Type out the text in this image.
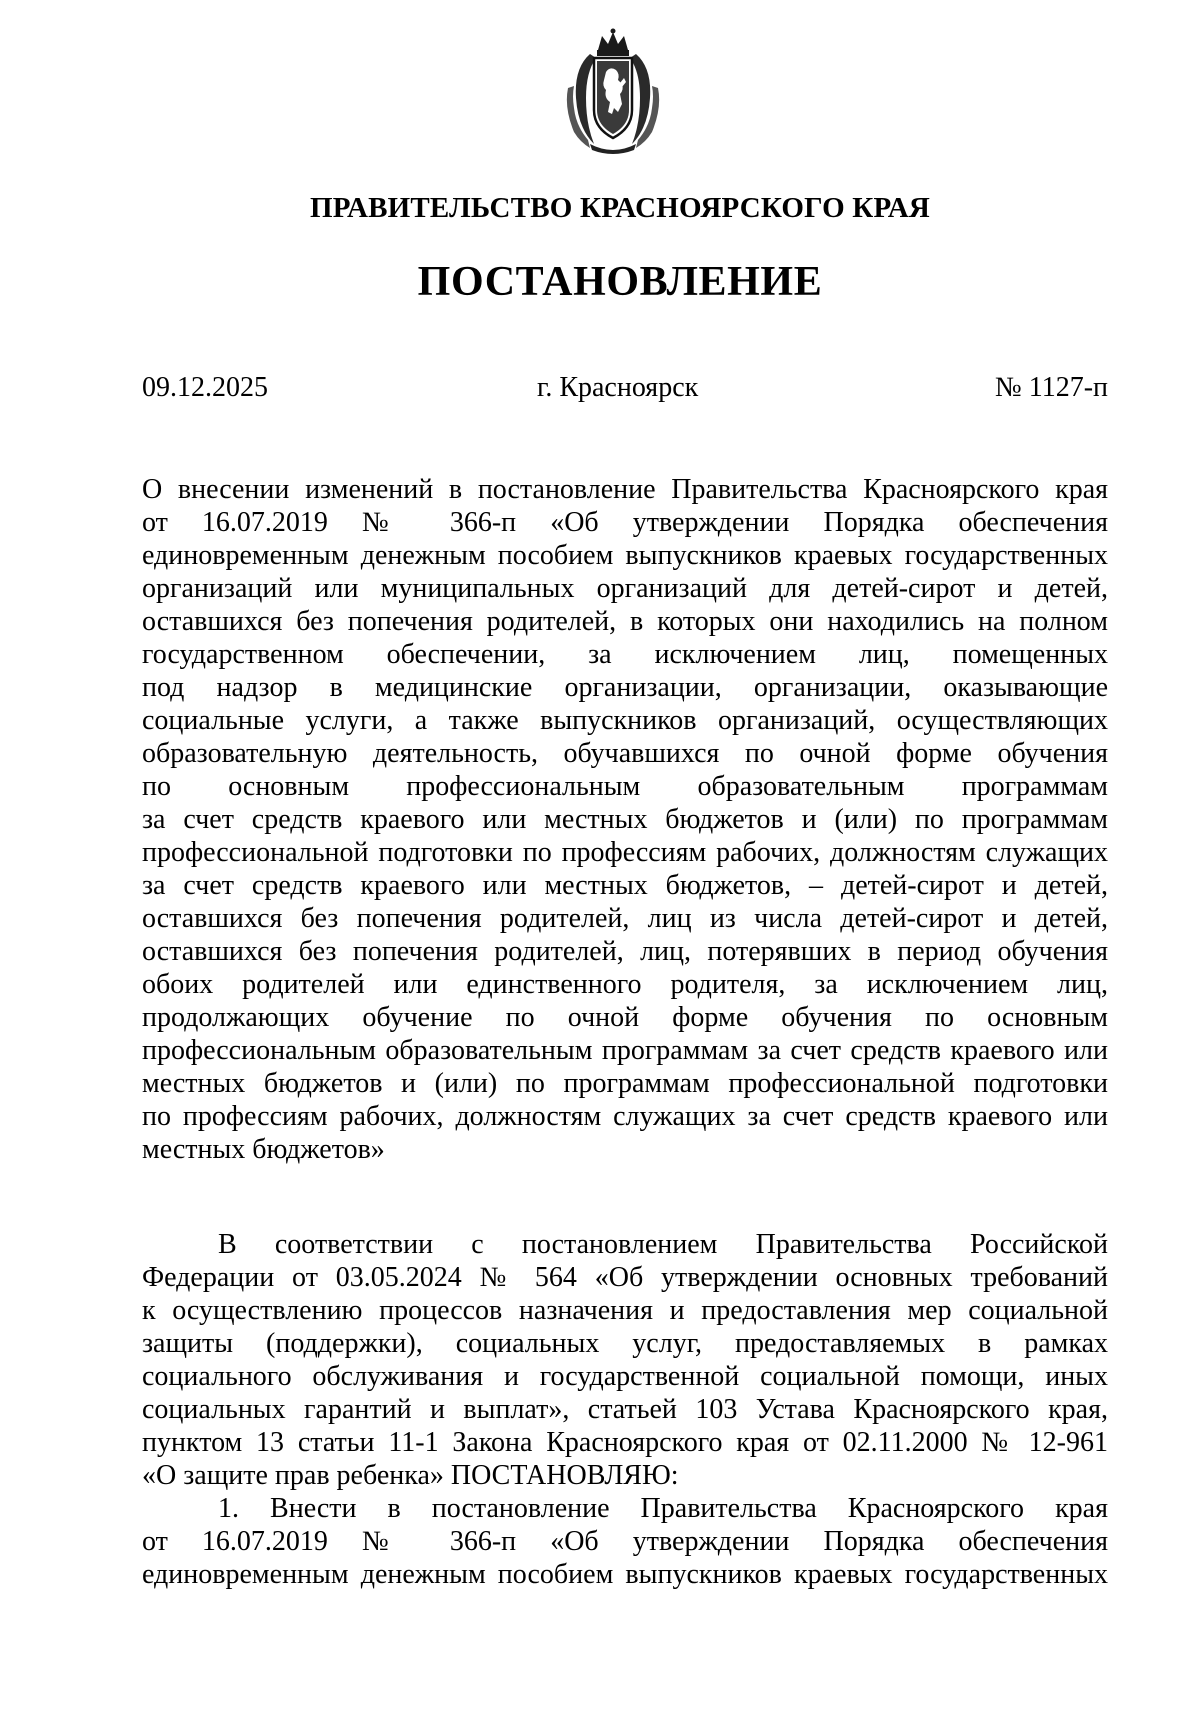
ПРАВИТЕЛЬСТВО КРАСНОЯРСКОГО КРАЯ
ПОСТАНОВЛЕНИЕ
09.12.2025	г. Красноярск	№ 1127-п
О внесении изменений в постановление Правительства Красноярского края
от 16.07.2019 № 366-п «Об утверждении Порядка обеспечения
единовременным денежным пособием выпускников краевых государственных
организаций или муниципальных организаций для детей-сирот и детей,
оставшихся без попечения родителей, в которых они находились на полном
государственном обеспечении, за исключением лиц, помещенных
под надзор в медицинские организации, организации, оказывающие
социальные услуги, а также выпускников организаций, осуществляющих
образовательную деятельность, обучавшихся по очной форме обучения
по основным профессиональным образовательным программам
за счет средств краевого или местных бюджетов и (или) по программам
профессиональной подготовки по профессиям рабочих, должностям служащих
за счет средств краевого или местных бюджетов, – детей-сирот и детей,
оставшихся без попечения родителей, лиц из числа детей-сирот и детей,
оставшихся без попечения родителей, лиц, потерявших в период обучения
обоих родителей или единственного родителя, за исключением лиц,
продолжающих обучение по очной форме обучения по основным
профессиональным образовательным программам за счет средств краевого или
местных бюджетов и (или) по программам профессиональной подготовки
по профессиям рабочих, должностям служащих за счет средств краевого или
местных бюджетов»
В соответствии с постановлением Правительства Российской
Федерации от 03.05.2024 № 564 «Об утверждении основных требований
к осуществлению процессов назначения и предоставления мер социальной
защиты (поддержки), социальных услуг, предоставляемых в рамках
социального обслуживания и государственной социальной помощи, иных
социальных гарантий и выплат», статьей 103 Устава Красноярского края,
пунктом 13 статьи 11-1 Закона Красноярского края от 02.11.2000 № 12-961
«О защите прав ребенка» ПОСТАНОВЛЯЮ:
1. Внести в постановление Правительства Красноярского края
от 16.07.2019 № 366-п «Об утверждении Порядка обеспечения
единовременным денежным пособием выпускников краевых государственных
